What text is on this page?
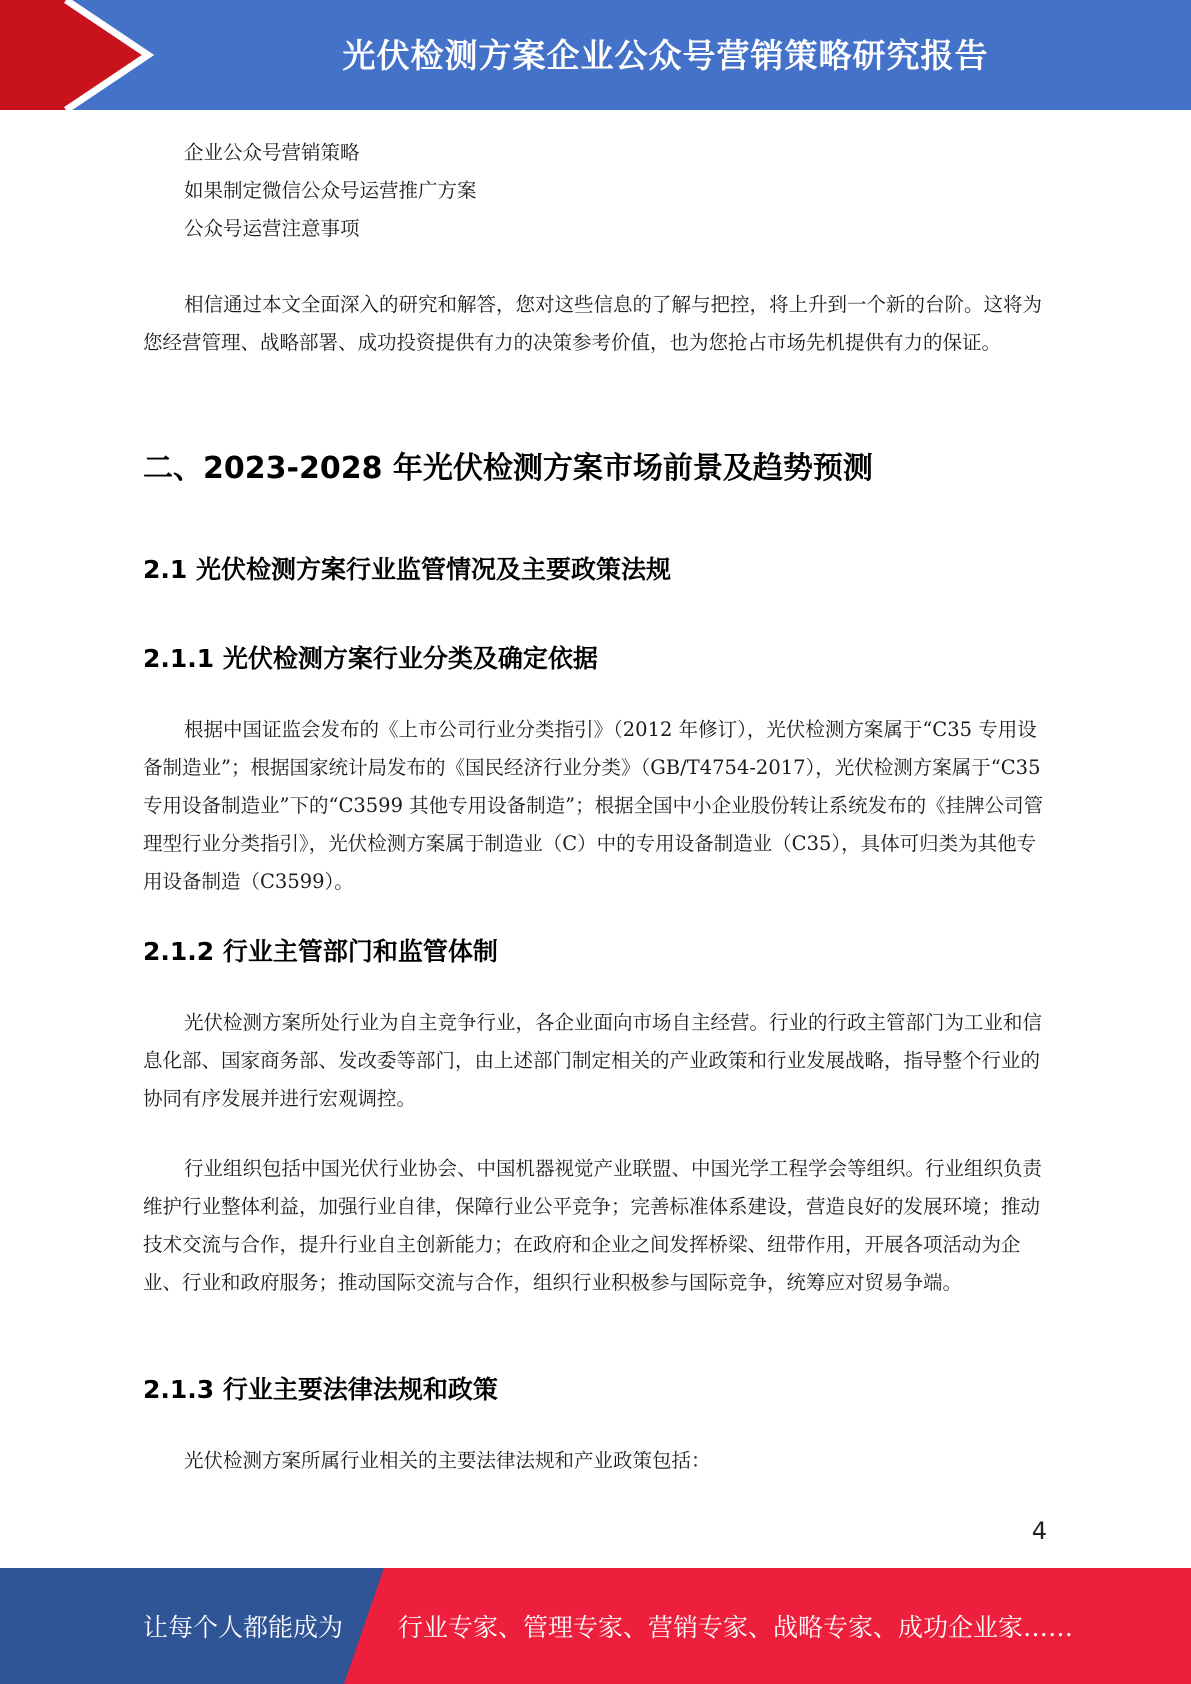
光伏检测方案企业公众号营销策略研究报告

企业公众号营销策略

如果制定微信公众号运营推广方案

公众号运营注意事项

相信通过本文全面深入的研究和解答，您对这些信息的了解与把控，将上升到一个新的台阶。这将为您经营管理、战略部署、成功投资提供有力的决策参考价值，也为您抢占市场先机提供有力的保证。

二、2023-2028 年光伏检测方案市场前景及趋势预测
2.1 光伏检测方案行业监管情况及主要政策法规
2.1.1 光伏检测方案行业分类及确定依据

根据中国证监会发布的《上市公司行业分类指引》（2012 年修订），光伏检测方案属于“C35 专用设备制造业”；根据国家统计局发布的《国民经济行业分类》（GB/T4754-2017），光伏检测方案属于“C35 专用设备制造业”下的“C3599 其他专用设备制造”；根据全国中小企业股份转让系统发布的《挂牌公司管理型行业分类指引》，光伏检测方案属于制造业（C）中的专用设备制造业（C35），具体可归类为其他专用设备制造（C3599）。

2.1.2 行业主管部门和监管体制

光伏检测方案所处行业为自主竞争行业，各企业面向市场自主经营。行业的行政主管部门为工业和信息化部、国家商务部、发改委等部门，由上述部门制定相关的产业政策和行业发展战略，指导整个行业的协同有序发展并进行宏观调控。

行业组织包括中国光伏行业协会、中国机器视觉产业联盟、中国光学工程学会等组织。行业组织负责维护行业整体利益，加强行业自律，保障行业公平竞争；完善标准体系建设，营造良好的发展环境；推动技术交流与合作，提升行业自主创新能力；在政府和企业之间发挥桥梁、纽带作用，开展各项活动为企业、行业和政府服务；推动国际交流与合作，组织行业积极参与国际竞争，统筹应对贸易争端。

2.1.3 行业主要法律法规和政策

光伏检测方案所属行业相关的主要法律法规和产业政策包括：

4
让每个人都能成为 行业专家、管理专家、营销专家、战略专家、成功企业家……
